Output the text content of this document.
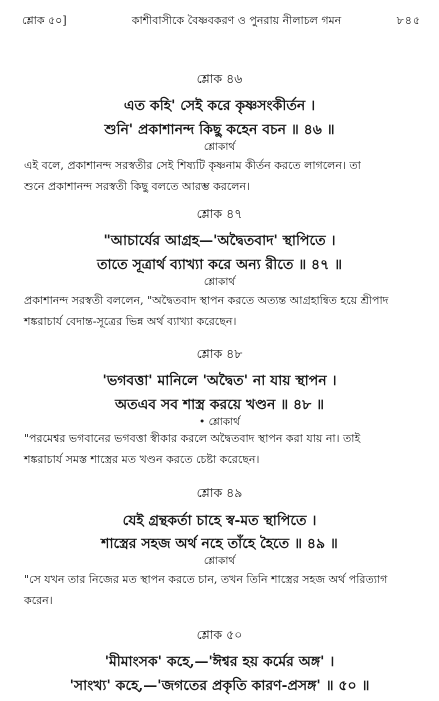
শ্লোক ৫০]	কাশীবাসীকে বৈষ্ণবকরণ ও পুনরায় নীলাচল গমন	৮৪৫
শ্লোক ৪৬
এত কহি' সেই করে কৃষ্ণসংকীর্তন ।
শুনি' প্রকাশানন্দ কিছু কহেন বচন ॥ ৪৬ ॥
শ্লোকার্থ
এই বলে, প্রকাশানন্দ সরস্বতীর সেই শিষ্যটি কৃষ্ণনাম কীর্তন করতে লাগলেন। তা
শুনে প্রকাশানন্দ সরস্বতী কিছু বলতে আরম্ভ করলেন।
শ্লোক ৪৭
"আচার্যের আগ্রহ—'অদ্বৈতবাদ' স্থাপিতে ।
তাতে সূত্রার্থ ব্যাখ্যা করে অন্য রীতে ॥ ৪৭ ॥
শ্লোকার্থ
প্রকাশানন্দ সরস্বতী বললেন, "অদ্বৈতবাদ স্থাপন করতে অত্যন্ত আগ্রহান্বিত হয়ে শ্রীপাদ
শঙ্করাচার্য বেদান্ত-সূত্রের ভিন্ন অর্থ ব্যাখ্যা করেছেন।
শ্লোক ৪৮
'ভগবত্তা' মানিলে 'অদ্বৈত' না যায় স্থাপন ।
অতএব সব শাস্ত্র করয়ে খণ্ডন ॥ ৪৮ ॥
• শ্লোকার্থ
"পরমেশ্বর ভগবানের ভগবত্তা স্বীকার করলে অদ্বৈতবাদ স্থাপন করা যায় না। তাই
শঙ্করাচার্য সমস্ত শাস্ত্রের মত খণ্ডন করতে চেষ্টা করেছেন।
শ্লোক ৪৯
যেই গ্রন্থকর্তা চাহে স্ব-মত স্থাপিতে ।
শাস্ত্রের সহজ অর্থ নহে তাঁহে হৈতে ॥ ৪৯ ॥
শ্লোকার্থ
"সে যখন তার নিজের মত স্থাপন করতে চান, তখন তিনি শাস্ত্রের সহজ অর্থ পরিত্যাগ
করেন।
শ্লোক ৫০
'মীমাংসক' কহে,—'ঈশ্বর হয় কর্মের অঙ্গ' ।
'সাংখ্য' কহে,—'জগতের প্রকৃতি কারণ-প্রসঙ্গ' ॥ ৫০ ॥
